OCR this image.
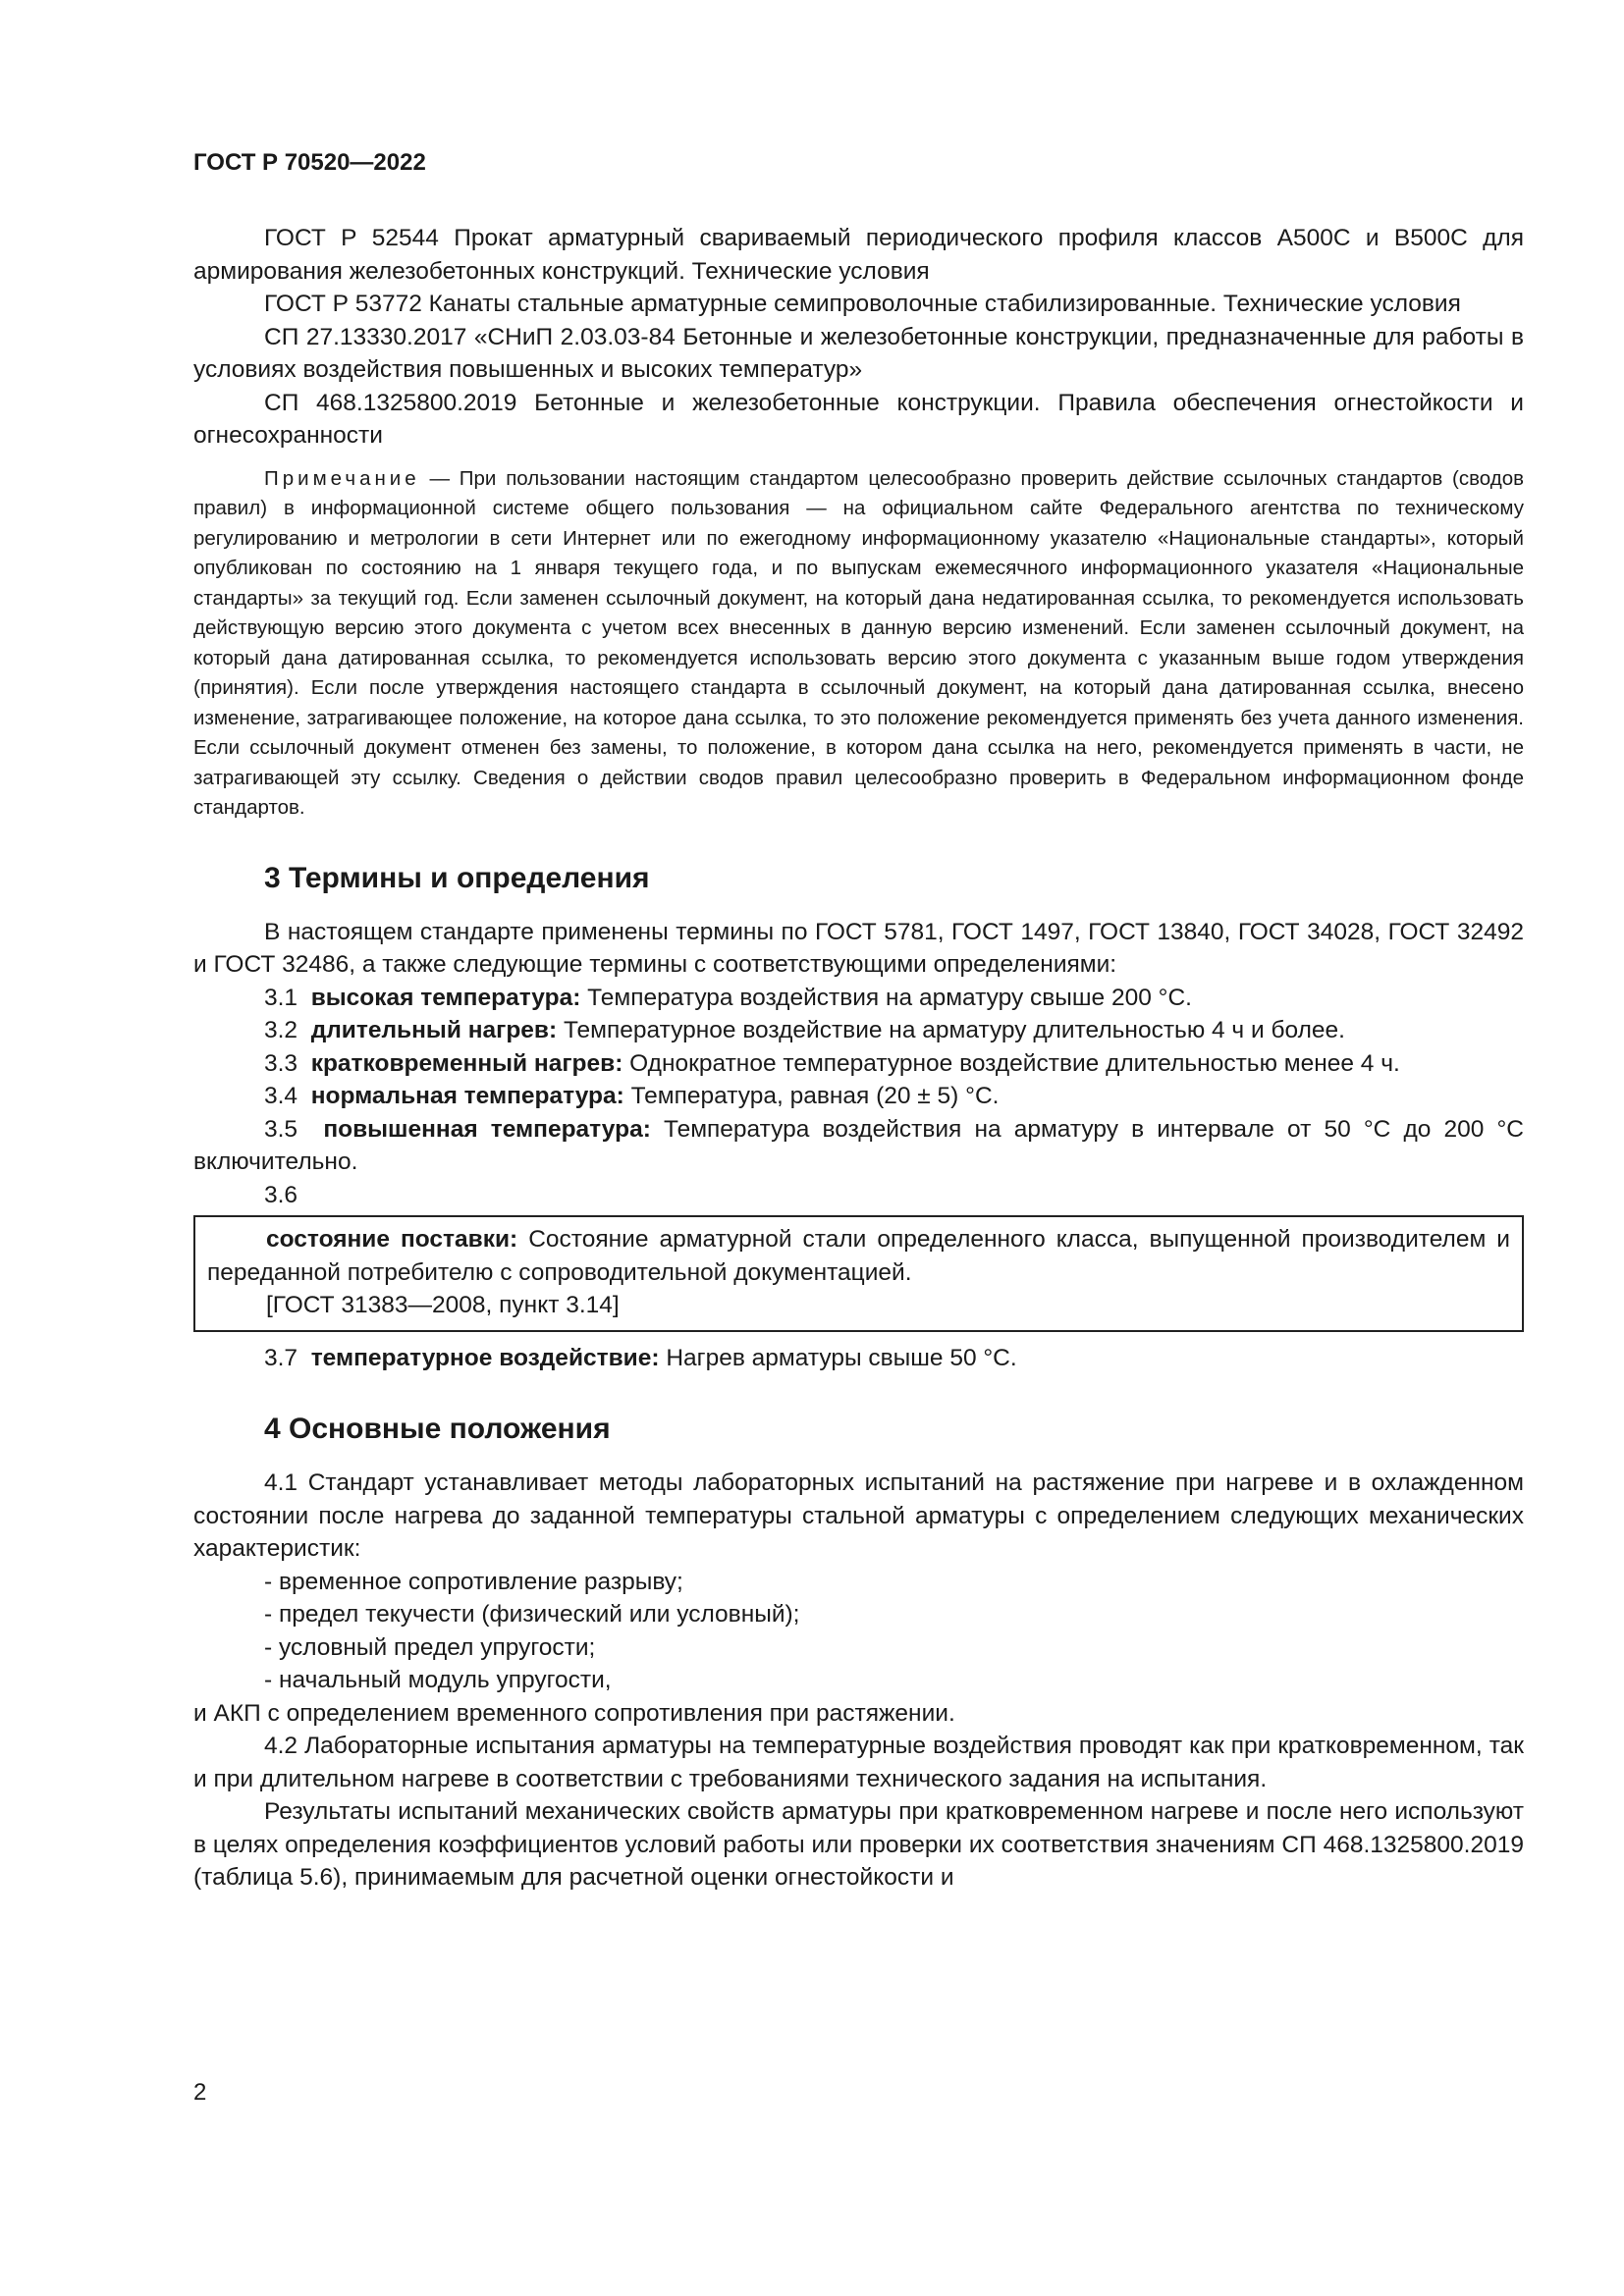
ГОСТ Р 70520—2022

ГОСТ Р 52544 Прокат арматурный свариваемый периодического профиля классов А500С и В500С для армирования железобетонных конструкций. Технические условия

ГОСТ Р 53772 Канаты стальные арматурные семипроволочные стабилизированные. Технические условия

СП 27.13330.2017 «СНиП 2.03.03-84 Бетонные и железобетонные конструкции, предназначенные для работы в условиях воздействия повышенных и высоких температур»

СП 468.1325800.2019 Бетонные и железобетонные конструкции. Правила обеспечения огнестойкости и огнесохранности

Примечание — При пользовании настоящим стандартом целесообразно проверить действие ссылочных стандартов (сводов правил) в информационной системе общего пользования — на официальном сайте Федерального агентства по техническому регулированию и метрологии в сети Интернет или по ежегодному информационному указателю «Национальные стандарты», который опубликован по состоянию на 1 января текущего года, и по выпускам ежемесячного информационного указателя «Национальные стандарты» за текущий год. Если заменен ссылочный документ, на который дана недатированная ссылка, то рекомендуется использовать действующую версию этого документа с учетом всех внесенных в данную версию изменений. Если заменен ссылочный документ, на который дана датированная ссылка, то рекомендуется использовать версию этого документа с указанным выше годом утверждения (принятия). Если после утверждения настоящего стандарта в ссылочный документ, на который дана датированная ссылка, внесено изменение, затрагивающее положение, на которое дана ссылка, то это положение рекомендуется применять без учета данного изменения. Если ссылочный документ отменен без замены, то положение, в котором дана ссылка на него, рекомендуется применять в части, не затрагивающей эту ссылку. Сведения о действии сводов правил целесообразно проверить в Федеральном информационном фонде стандартов.

3 Термины и определения

В настоящем стандарте применены термины по ГОСТ 5781, ГОСТ 1497, ГОСТ 13840, ГОСТ 34028, ГОСТ 32492 и ГОСТ 32486, а также следующие термины с соответствующими определениями:

3.1 высокая температура: Температура воздействия на арматуру свыше 200 °С.

3.2 длительный нагрев: Температурное воздействие на арматуру длительностью 4 ч и более.

3.3 кратковременный нагрев: Однократное температурное воздействие длительностью менее 4 ч.

3.4 нормальная температура: Температура, равная (20 ± 5) °С.

3.5 повышенная температура: Температура воздействия на арматуру в интервале от 50 °С до 200 °С включительно.

3.6

состояние поставки: Состояние арматурной стали определенного класса, выпущенной производителем и переданной потребителю с сопроводительной документацией.

[ГОСТ 31383—2008, пункт 3.14]

3.7 температурное воздействие: Нагрев арматуры свыше 50 °С.

4 Основные положения

4.1 Стандарт устанавливает методы лабораторных испытаний на растяжение при нагреве и в охлажденном состоянии после нагрева до заданной температуры стальной арматуры с определением следующих механических характеристик:

- временное сопротивление разрыву;

- предел текучести (физический или условный);

- условный предел упругости;

- начальный модуль упругости,

и АКП с определением временного сопротивления при растяжении.

4.2 Лабораторные испытания арматуры на температурные воздействия проводят как при кратковременном, так и при длительном нагреве в соответствии с требованиями технического задания на испытания.

Результаты испытаний механических свойств арматуры при кратковременном нагреве и после него используют в целях определения коэффициентов условий работы или проверки их соответствия значениям СП 468.1325800.2019 (таблица 5.6), принимаемым для расчетной оценки огнестойкости и

2
